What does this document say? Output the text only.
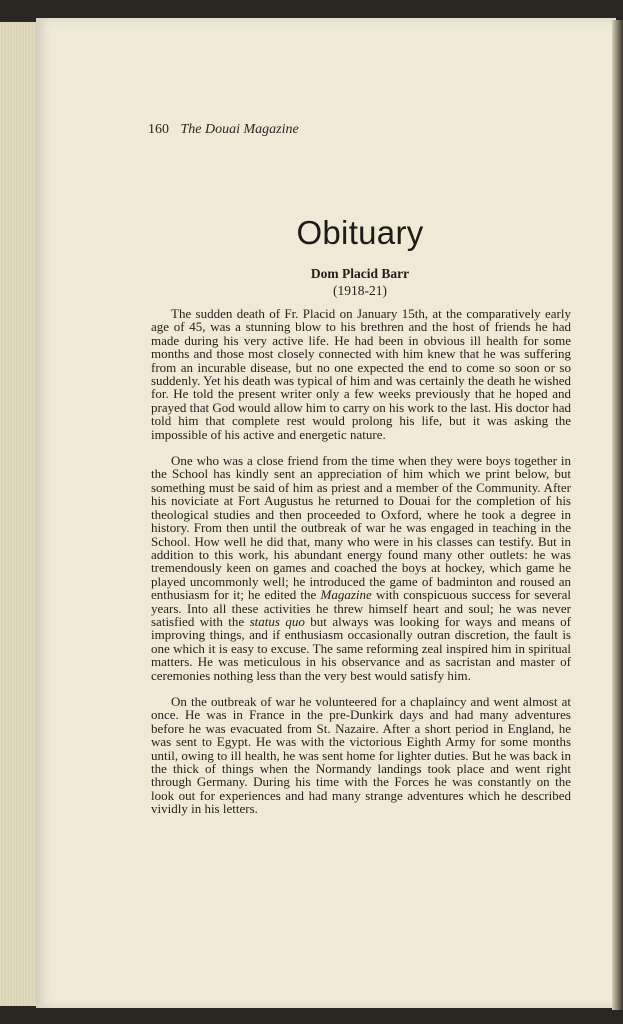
160 The Douai Magazine
Obituary
Dom Placid Barr
(1918-21)

The sudden death of Fr. Placid on January 15th, at the comparatively early age of 45, was a stunning blow to his brethren and the host of friends he had made during his very active life. He had been in obvious ill health for some months and those most closely connected with him knew that he was suffering from an incurable disease, but no one expected the end to come so soon or so suddenly. Yet his death was typical of him and was certainly the death he wished for. He told the present writer only a few weeks previously that he hoped and prayed that God would allow him to carry on his work to the last. His doctor had told him that complete rest would prolong his life, but it was asking the impossible of his active and energetic nature.

One who was a close friend from the time when they were boys together in the School has kindly sent an appreciation of him which we print below, but something must be said of him as priest and a member of the Community. After his noviciate at Fort Augustus he returned to Douai for the completion of his theological studies and then proceeded to Oxford, where he took a degree in history. From then until the outbreak of war he was engaged in teaching in the School. How well he did that, many who were in his classes can testify. But in addition to this work, his abundant energy found many other outlets: he was tremendously keen on games and coached the boys at hockey, which game he played uncommonly well; he introduced the game of badminton and roused an enthusiasm for it; he edited the Magazine with conspicuous success for several years. Into all these activities he threw himself heart and soul; he was never satisfied with the status quo but always was looking for ways and means of improving things, and if enthusiasm occasionally outran discretion, the fault is one which it is easy to excuse. The same reforming zeal inspired him in spiritual matters. He was meticulous in his observance and as sacristan and master of ceremonies nothing less than the very best would satisfy him.

On the outbreak of war he volunteered for a chaplaincy and went almost at once. He was in France in the pre-Dunkirk days and had many adventures before he was evacuated from St. Nazaire. After a short period in England, he was sent to Egypt. He was with the victorious Eighth Army for some months until, owing to ill health, he was sent home for lighter duties. But he was back in the thick of things when the Normandy landings took place and went right through Germany. During his time with the Forces he was constantly on the look out for experiences and had many strange adventures which he described vividly in his letters.
